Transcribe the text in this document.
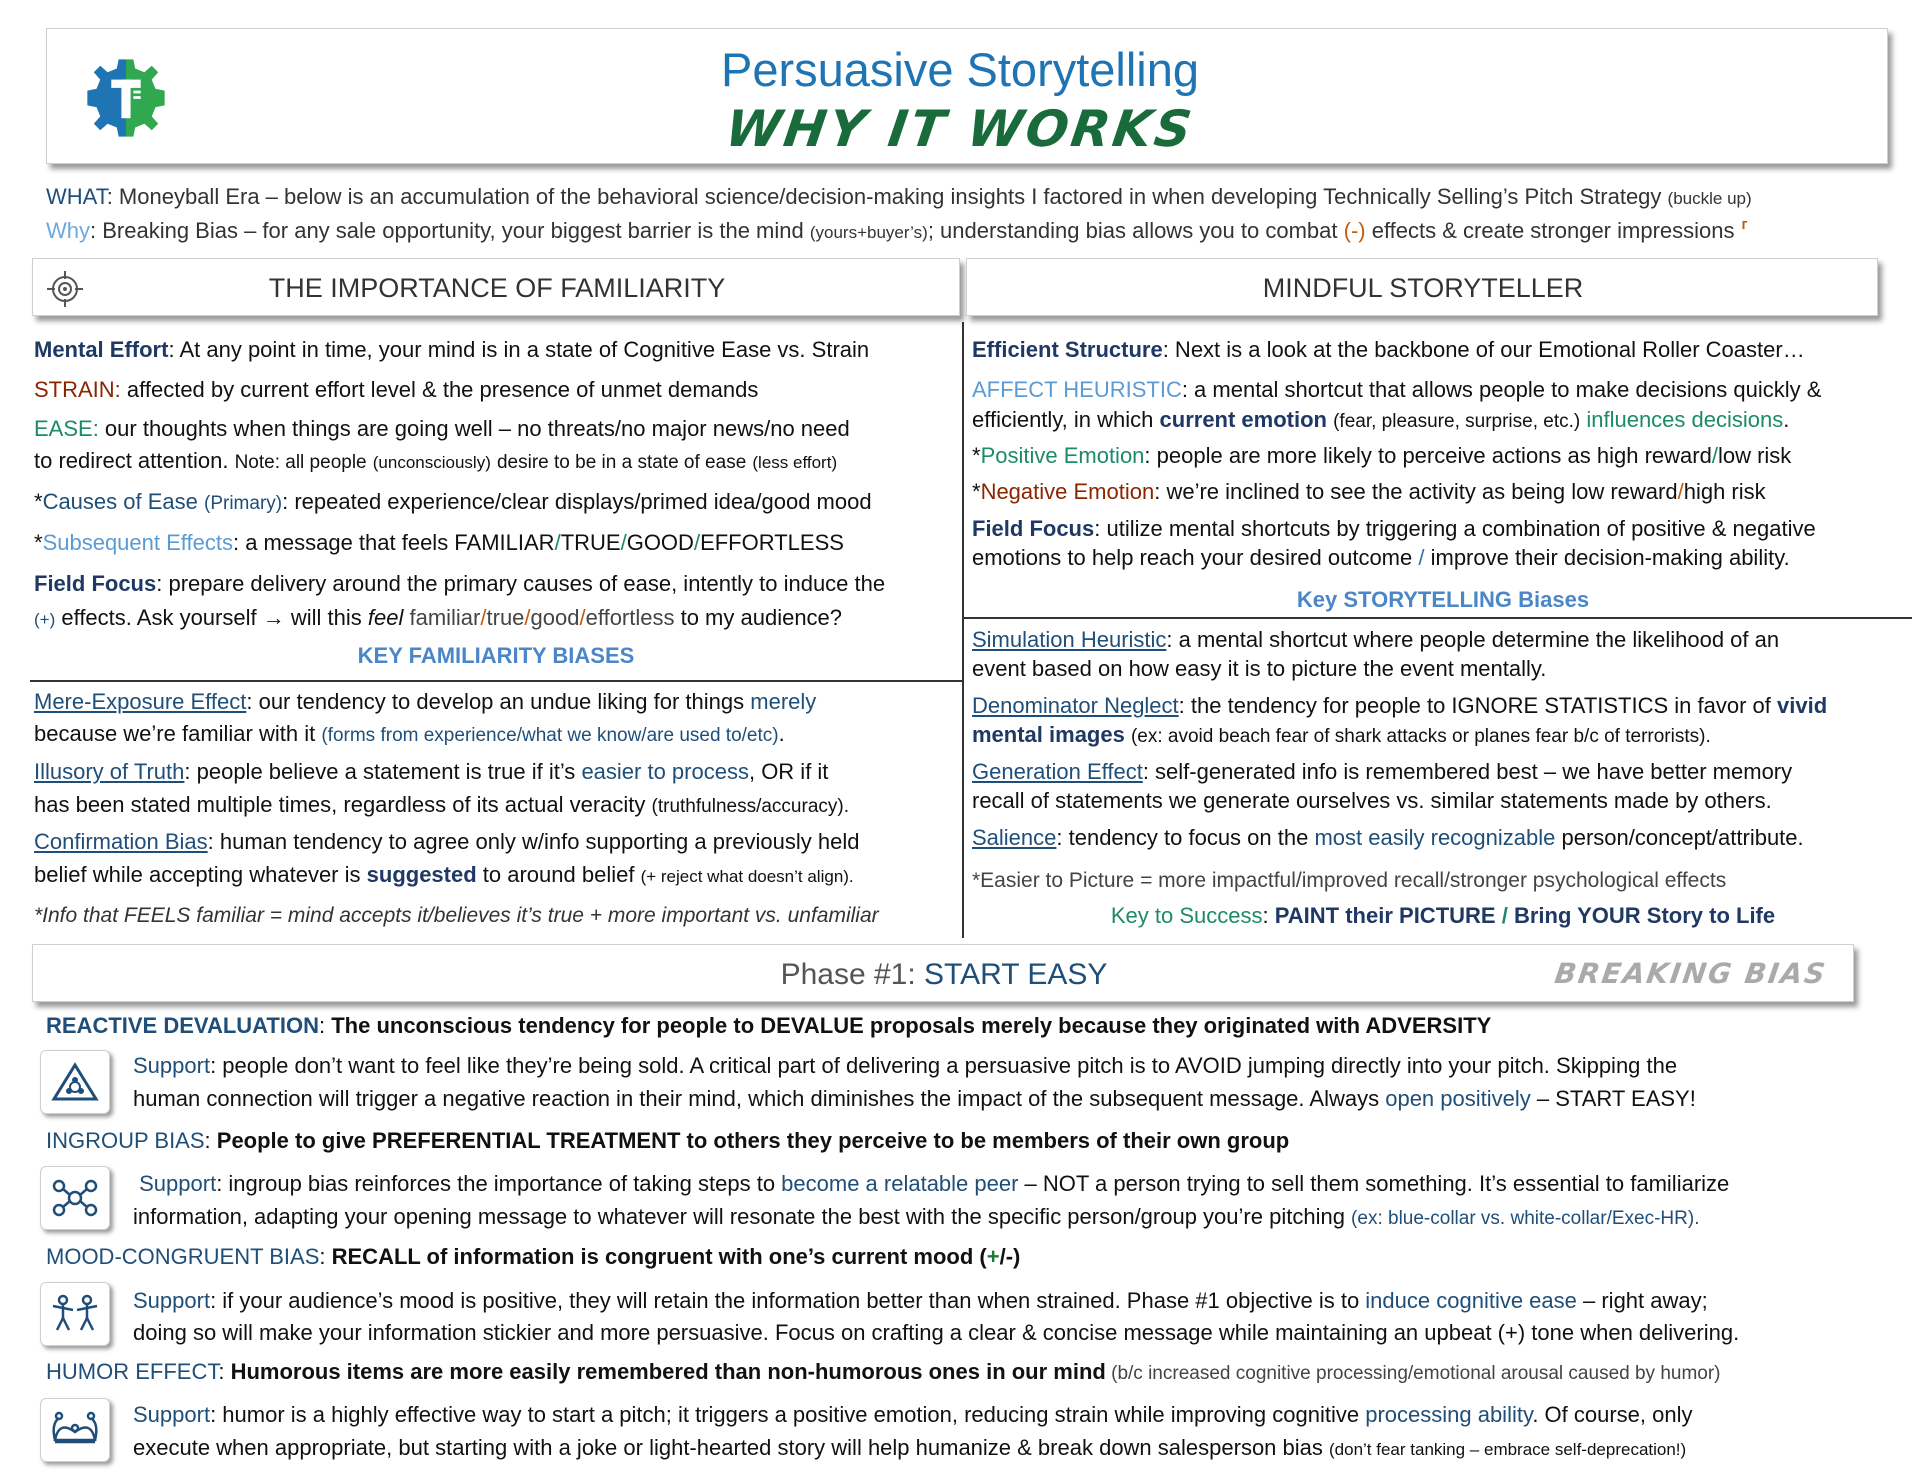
Persuasive Storytelling
WHY IT WORKS
WHAT: Moneyball Era – below is an accumulation of the behavioral science/decision-making insights I factored in when developing Technically Selling’s Pitch Strategy (buckle up)
Why: Breaking Bias – for any sale opportunity, your biggest barrier is the mind (yours+buyer’s); understanding bias allows you to combat (-) effects & create stronger impressions ⸢
THE IMPORTANCE OF FAMILIARITY	MINDFUL STORYTELLER
Mental Effort: At any point in time, your mind is in a state of Cognitive Ease vs. Strain
STRAIN: affected by current effort level & the presence of unmet demands
EASE: our thoughts when things are going well – no threats/no major news/no need
to redirect attention. Note: all people (unconsciously) desire to be in a state of ease (less effort)
*Causes of Ease (Primary): repeated experience/clear displays/primed idea/good mood
*Subsequent Effects: a message that feels FAMILIAR/TRUE/GOOD/EFFORTLESS
Field Focus: prepare delivery around the primary causes of ease, intently to induce the
(+) effects. Ask yourself → will this feel familiar/true/good/effortless to my audience?
KEY FAMILIARITY BIASES
Mere-Exposure Effect: our tendency to develop an undue liking for things merely
because we’re familiar with it (forms from experience/what we know/are used to/etc).
Illusory of Truth: people believe a statement is true if it’s easier to process, OR if it
has been stated multiple times, regardless of its actual veracity (truthfulness/accuracy).
Confirmation Bias: human tendency to agree only w/info supporting a previously held
belief while accepting whatever is suggested to around belief (+ reject what doesn’t align).
*Info that FEELS familiar = mind accepts it/believes it’s true + more important vs. unfamiliar
Efficient Structure: Next is a look at the backbone of our Emotional Roller Coaster…
AFFECT HEURISTIC: a mental shortcut that allows people to make decisions quickly &
efficiently, in which current emotion (fear, pleasure, surprise, etc.) influences decisions.
*Positive Emotion: people are more likely to perceive actions as high reward/low risk
*Negative Emotion: we’re inclined to see the activity as being low reward/high risk
Field Focus: utilize mental shortcuts by triggering a combination of positive & negative
emotions to help reach your desired outcome / improve their decision-making ability.
Key STORYTELLING Biases
Simulation Heuristic: a mental shortcut where people determine the likelihood of an
event based on how easy it is to picture the event mentally.
Denominator Neglect: the tendency for people to IGNORE STATISTICS in favor of vivid
mental images (ex: avoid beach fear of shark attacks or planes fear b/c of terrorists).
Generation Effect: self-generated info is remembered best – we have better memory
recall of statements we generate ourselves vs. similar statements made by others.
Salience: tendency to focus on the most easily recognizable person/concept/attribute.
*Easier to Picture = more impactful/improved recall/stronger psychological effects
Key to Success: PAINT their PICTURE / Bring YOUR Story to Life
Phase #1: START EASY	BREAKING BIAS
REACTIVE DEVALUATION: The unconscious tendency for people to DEVALUE proposals merely because they originated with ADVERSITY
Support: people don’t want to feel like they’re being sold. A critical part of delivering a persuasive pitch is to AVOID jumping directly into your pitch. Skipping the
human connection will trigger a negative reaction in their mind, which diminishes the impact of the subsequent message. Always open positively – START EASY!
INGROUP BIAS: People to give PREFERENTIAL TREATMENT to others they perceive to be members of their own group
Support: ingroup bias reinforces the importance of taking steps to become a relatable peer – NOT a person trying to sell them something. It’s essential to familiarize
information, adapting your opening message to whatever will resonate the best with the specific person/group you’re pitching (ex: blue-collar vs. white-collar/Exec-HR).
MOOD-CONGRUENT BIAS: RECALL of information is congruent with one’s current mood (+/-)
Support: if your audience’s mood is positive, they will retain the information better than when strained. Phase #1 objective is to induce cognitive ease – right away;
doing so will make your information stickier and more persuasive. Focus on crafting a clear & concise message while maintaining an upbeat (+) tone when delivering.
HUMOR EFFECT: Humorous items are more easily remembered than non-humorous ones in our mind (b/c increased cognitive processing/emotional arousal caused by humor)
Support: humor is a highly effective way to start a pitch; it triggers a positive emotion, reducing strain while improving cognitive processing ability. Of course, only
execute when appropriate, but starting with a joke or light-hearted story will help humanize & break down salesperson bias (don’t fear tanking – embrace self-deprecation!)
